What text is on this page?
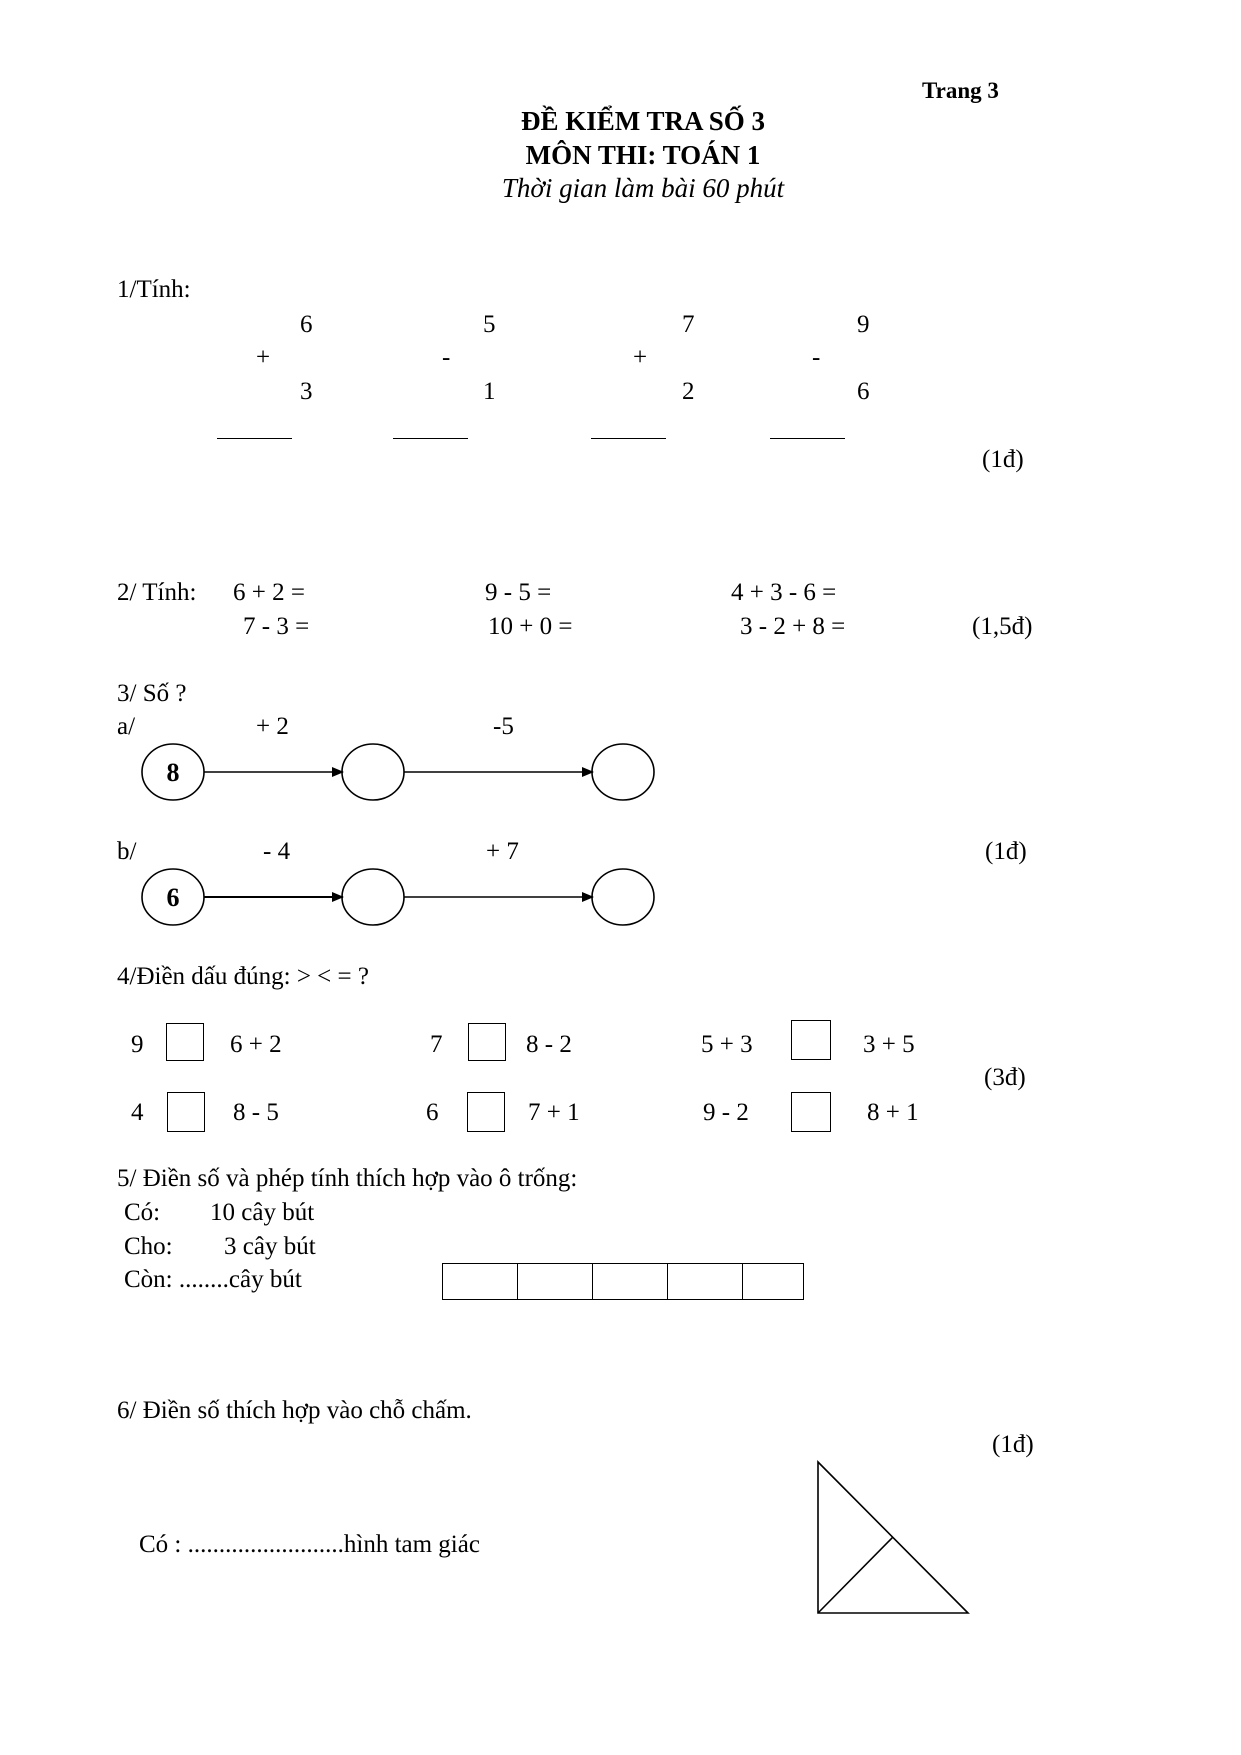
Trang 3
ĐỀ KIỂM TRA SỐ 3
MÔN THI: TOÁN 1
Thời gian làm bài 60 phút
1/Tính:
6
+
3
5
-
1
7
+
2
9
-
6
(1đ)
2/ Tính: 6 + 2 =	9 - 5 =	4 + 3 - 6 =
7 - 3 =	10 + 0 =	3 - 2 + 8 =	(1,5đ)
3/ Số ?
a/	+ 2	-5
b/	- 4	+ 7	(1đ)
8
6
4/Điền dấu đúng: > < = ?
9	6 + 2	7	8 - 2	5 + 3	3 + 5
4	8 - 5	6	7 + 1	9 - 2	8 + 1
(3đ)
5/ Điền số và phép tính thích hợp vào ô trống:
Có: 10 cây bút
Cho: 3 cây bút
Còn: ........cây bút
6/ Điền số thích hợp vào chỗ chấm.
(1đ)
Có : .........................hình tam giác
